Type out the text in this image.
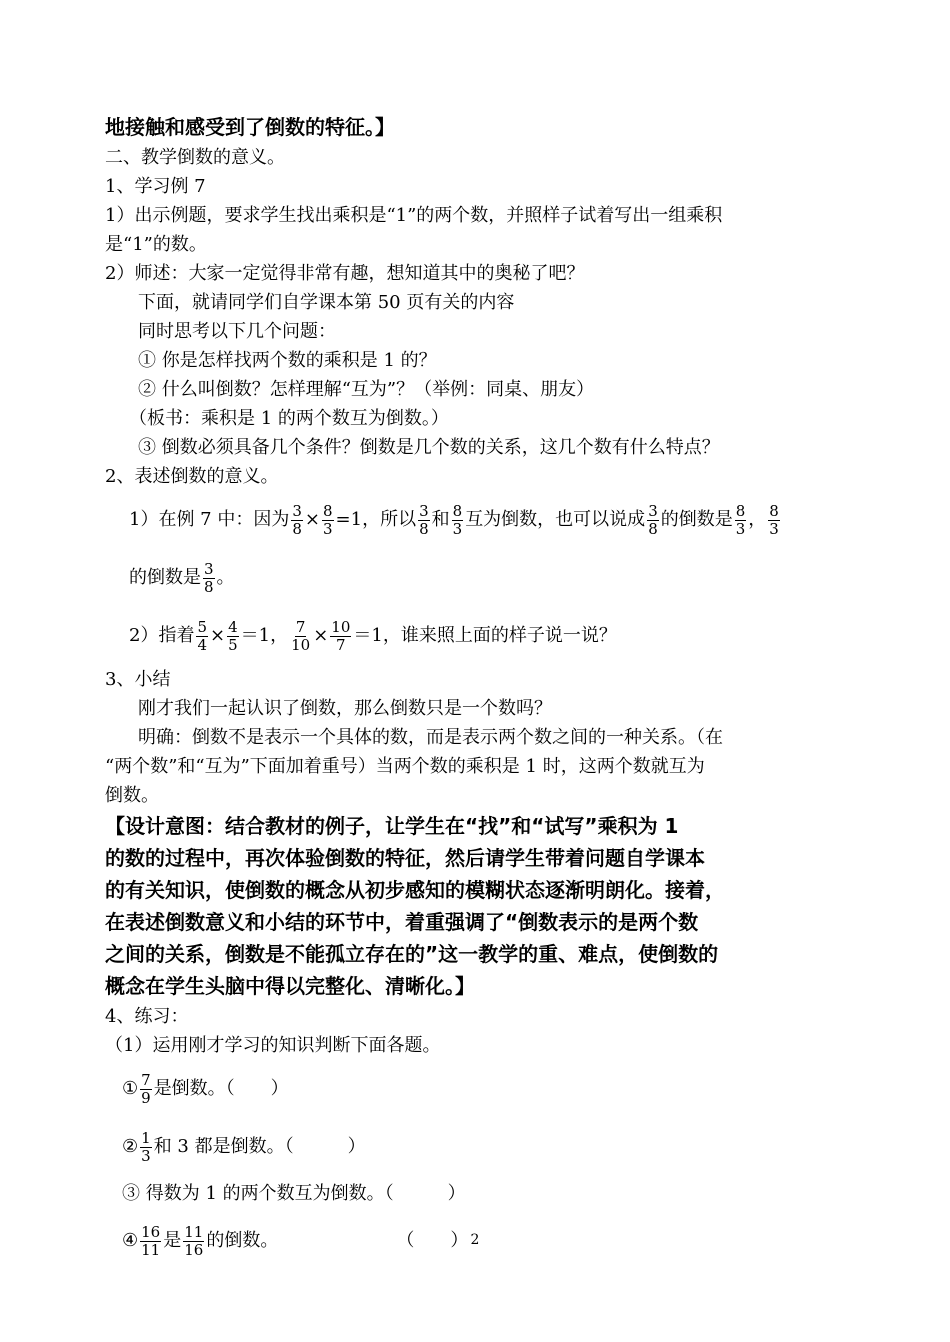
地接触和感受到了倒数的特征。】
二、教学倒数的意义。
1、学习例 7
1）出示例题，要求学生找出乘积是“1”的两个数，并照样子试着写出一组乘积
是“1”的数。
2）师述：大家一定觉得非常有趣，想知道其中的奥秘了吧？
下面，就请同学们自学课本第 50 页有关的内容
同时思考以下几个问题：
① 你是怎样找两个数的乘积是 1 的？
② 什么叫倒数？怎样理解“互为”？（举例：同桌、朋友）
（板书：乘积是 1 的两个数互为倒数。）
③ 倒数必须具备几个条件？倒数是几个数的关系，这几个数有什么特点？
2、表述倒数的意义。
1）在例 7 中：因为 $\frac{3}{8} \times \frac{8}{3} =1$，所以 $\frac{3}{8}$ 和 $\frac{8}{3}$ 互为倒数，也可以说成 $\frac{3}{8}$ 的倒数是 $\frac{8}{3}$ ， $\frac{8}{3}$
的倒数是 $\frac{3}{8}$ 。
2）指着 $\frac{5}{4} \times \frac{4}{5} =1$， $\frac{7}{10} \times \frac{10}{7} =1$，谁来照上面的样子说一说？
3、小结
刚才我们一起认识了倒数，那么倒数只是一个数吗？
明确：倒数不是表示一个具体的数，而是表示两个数之间的一种关系。（在
“两个数”和“互为”下面加着重号）当两个数的乘积是 1 时，这两个数就互为
倒数。
【设计意图：结合教材的例子，让学生在“找”和“试写”乘积为 1
的数的过程中，再次体验倒数的特征，然后请学生带着问题自学课本
的有关知识，使倒数的概念从初步感知的模糊状态逐渐明朗化。接着，
在表述倒数意义和小结的环节中，着重强调了“倒数表示的是两个数
之间的关系，倒数是不能孤立存在的”这一教学的重、难点，使倒数的
概念在学生头脑中得以完整化、清晰化。】
4、练习：
（1）运用刚才学习的知识判断下面各题。
① $\frac{7}{9}$ 是倒数。（　　）
② $\frac{1}{3}$ 和 3 都是倒数。（　　　）
③ 得数为 1 的两个数互为倒数。（　　　）
④ $\frac{16}{11}$ 是 $\frac{11}{16}$ 的倒数。	（　　） 2
